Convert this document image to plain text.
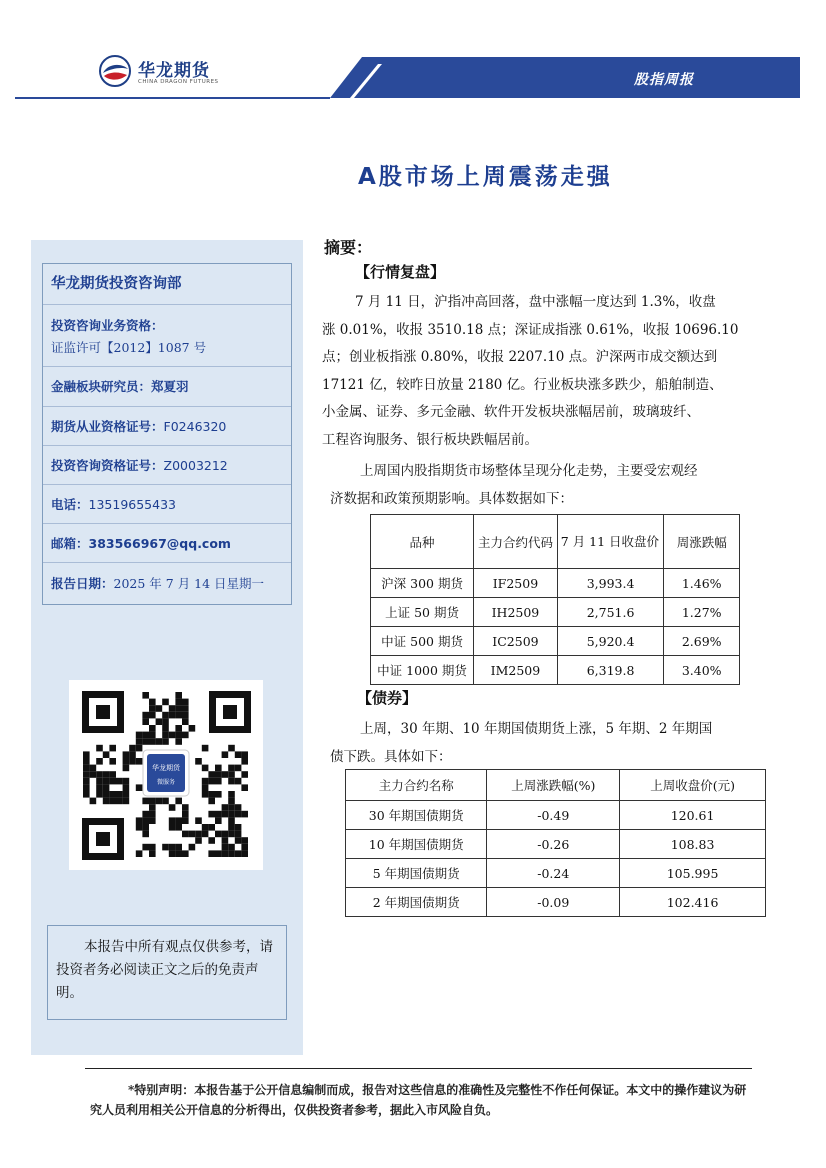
华龙期货
CHINA DRAGON FUTURES	股指周报
A股市场上周震荡走强
华龙期货投资咨询部
投资咨询业务资格：
证监许可【2012】1087 号
金融板块研究员：郑夏羽
期货从业资格证号：F0246320
投资咨询资格证号：Z0003212
电话：13519655433
邮箱：383566967@qq.com
报告日期：2025 年 7 月 14 日星期一
华龙期货
微服务
本报告中所有观点仅供参考，请投资者务必阅读正文之后的免责声明。
摘要：
【行情复盘】
7 月 11 日，沪指冲高回落，盘中涨幅一度达到 1.3%，收盘
涨 0.01%，收报 3510.18 点；深证成指涨 0.61%，收报 10696.10
点；创业板指涨 0.80%，收报 2207.10 点。沪深两市成交额达到
17121 亿，较昨日放量 2180 亿。行业板块涨多跌少，船舶制造、
小金属、证券、多元金融、软件开发板块涨幅居前，玻璃玻纤、
工程咨询服务、银行板块跌幅居前。
上周国内股指期货市场整体呈现分化走势，主要受宏观经
济数据和政策预期影响。具体数据如下：
品种	主力合约代码	7 月 11 日收盘价	周涨跌幅
沪深 300 期货	IF2509	3,993.4	1.46%
上证 50 期货	IH2509	2,751.6	1.27%
中证 500 期货	IC2509	5,920.4	2.69%
中证 1000 期货	IM2509	6,319.8	3.40%
【债券】
上周，30 年期、10 年期国债期货上涨，5 年期、2 年期国
债下跌。具体如下：
主力合约名称	上周涨跌幅(%)	上周收盘价(元)
30 年期国债期货	-0.49	120.61
10 年期国债期货	-0.26	108.83
5 年期国债期货	-0.24	105.995
2 年期国债期货	-0.09	102.416
*特别声明：本报告基于公开信息编制而成，报告对这些信息的准确性及完整性不作任何保证。本文中的操作建议为研究人员利用相关公开信息的分析得出，仅供投资者参考，据此入市风险自负。
